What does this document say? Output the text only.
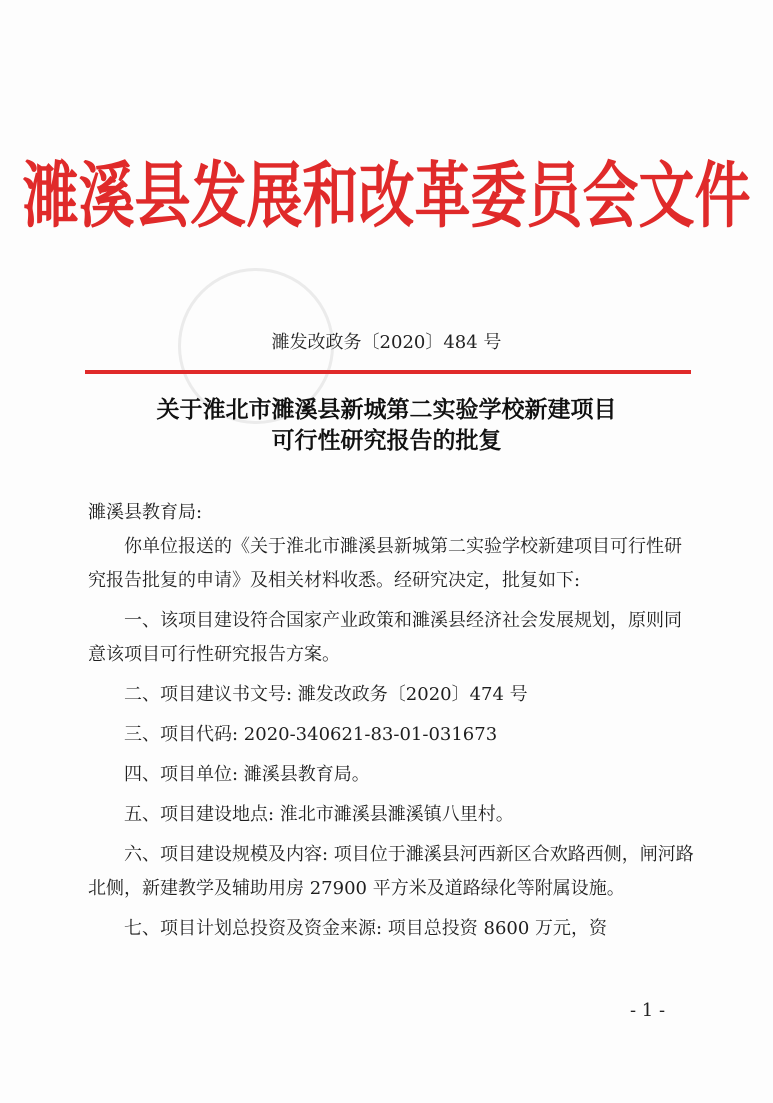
濉溪县发展和改革委员会文件
濉发改政务〔2020〕484 号
关于淮北市濉溪县新城第二实验学校新建项目
可行性研究报告的批复

濉溪县教育局:

你单位报送的《关于淮北市濉溪县新城第二实验学校新建项目可行性研究报告批复的申请》及相关材料收悉。经研究决定，批复如下:

一、该项目建设符合国家产业政策和濉溪县经济社会发展规划，原则同意该项目可行性研究报告方案。

二、项目建议书文号: 濉发改政务〔2020〕474 号

三、项目代码: 2020-340621-83-01-031673

四、项目单位: 濉溪县教育局。

五、项目建设地点: 淮北市濉溪县濉溪镇八里村。

六、项目建设规模及内容: 项目位于濉溪县河西新区合欢路西侧，闸河路北侧，新建教学及辅助用房 27900 平方米及道路绿化等附属设施。

七、项目计划总投资及资金来源: 项目总投资 8600 万元，资

- 1 -
